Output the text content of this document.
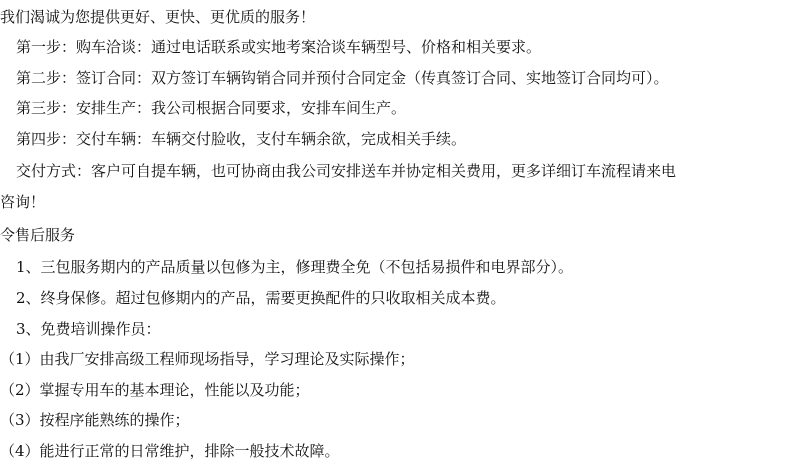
我们渴诚为您提供更好、更快、更优质的服务！
第一步：购车洽谈：通过电话联系或实地考案洽谈车辆型号、价格和相关要求。
第二步：签订合同：双方签订车辆钩销合同并预付合同定金（传真签订合同、实地签订合同均可）。
第三步：安排生产：我公司根据合同要求，安排车间生产。
第四步：交付车辆：车辆交付脸收，支付车辆余欲，完成相关手续。
交付方式：客户可自提车辆，也可协商由我公司安排送车并协定相关费用，更多详细订车流程请来电
咨询！
令售后服务
1、三包服务期内的产品质量以包修为主，修理费全免（不包括易损件和电界部分）。
2、终身保修。超过包修期内的产品，需要更换配件的只收取相关成本费。
3、免费培训操作员：
（1）由我厂安排高级工程师现场指导，学习理论及实际操作；
（2）掌握专用车的基本理论，性能以及功能；
（3）按程序能熟练的操作；
（4）能进行正常的日常维护，排除一般技术故障。
